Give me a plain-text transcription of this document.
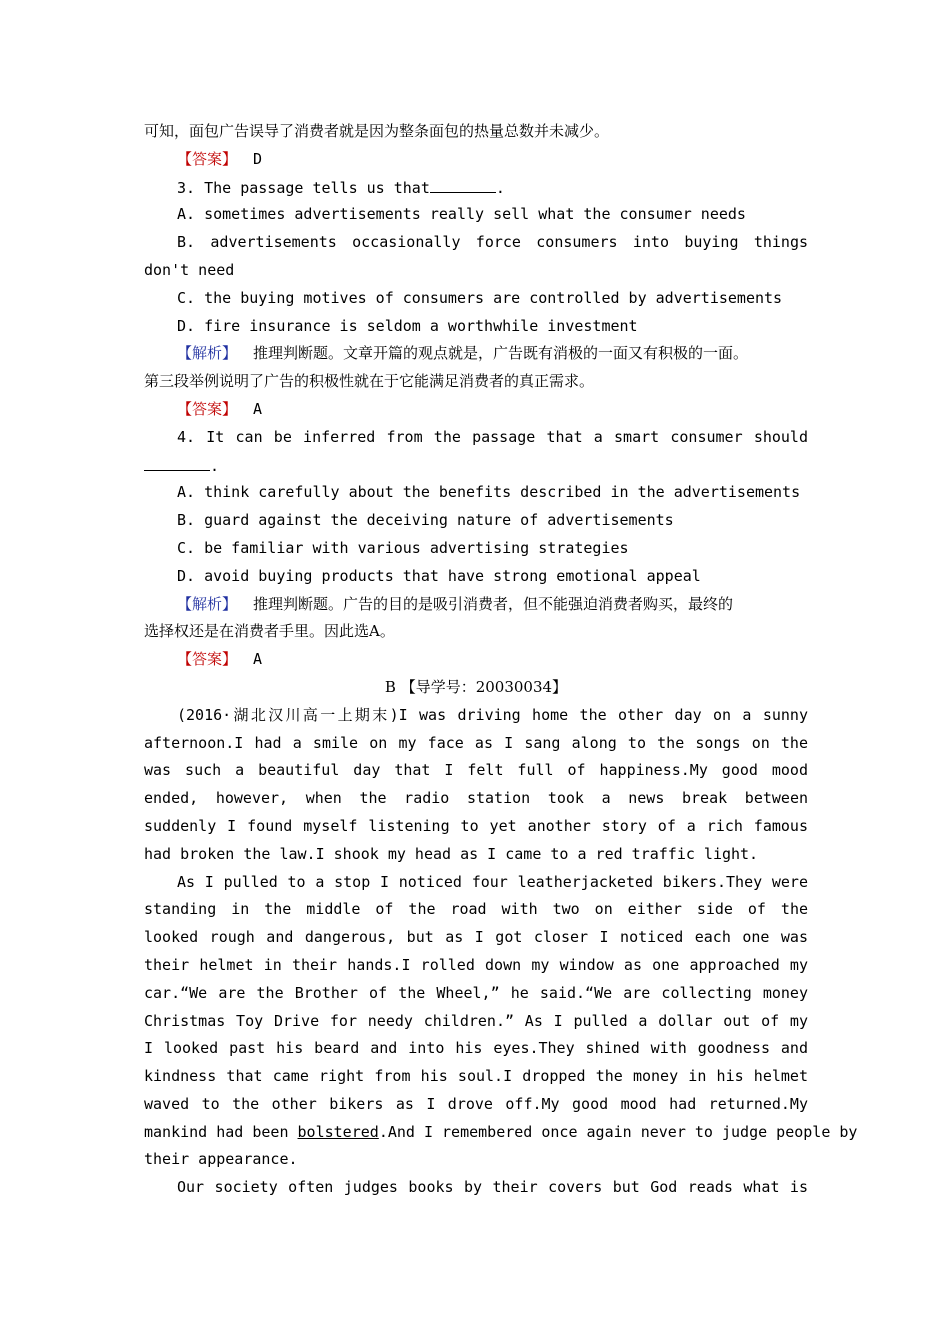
可知，面包广告误导了消费者就是因为整条面包的热量总数并未减少。
【答案】 D
3. The passage tells us that	.
A. sometimes advertisements really sell what the consumer needs
B. advertisements occasionally force consumers into buying things
don't need
C. the buying motives of consumers are controlled by advertisements
D. fire insurance is seldom a worthwhile investment
【解析】 推理判断题。文章开篇的观点就是，广告既有消极的一面又有积极的一面。
第三段举例说明了广告的积极性就在于它能满足消费者的真正需求。
【答案】 A
4. It can be inferred from the passage that a smart consumer should
.
A. think carefully about the benefits described in the advertisements
B. guard against the deceiving nature of advertisements
C. be familiar with various advertising strategies
D. avoid buying products that have strong emotional appeal
【解析】 推理判断题。广告的目的是吸引消费者，但不能强迫消费者购买，最终的
选择权还是在消费者手里。因此选A。
【答案】 A
B 【导学号：20030034】
(2016·湖北汉川高一上期末)I was driving home the other day on a sunny
afternoon.I had a smile on my face as I sang along to the songs on the
was such a beautiful day that I felt full of happiness.My good mood
ended, however, when the radio station took a news break between
suddenly I found myself listening to yet another story of a rich famous
had broken the law.I shook my head as I came to a red traffic light.
As I pulled to a stop I noticed four leatherjacketed bikers.They were
standing in the middle of the road with two on either side of the
looked rough and dangerous, but as I got closer I noticed each one was
their helmet in their hands.I rolled down my window as one approached my
car.“We are the Brother of the Wheel,” he said.“We are collecting money
Christmas Toy Drive for needy children.” As I pulled a dollar out of my
I looked past his beard and into his eyes.They shined with goodness and
kindness that came right from his soul.I dropped the money in his helmet
waved to the other bikers as I drove off.My good mood had returned.My
mankind had been bolstered.And I remembered once again never to judge people by
their appearance.
Our society often judges books by their covers but God reads what is
